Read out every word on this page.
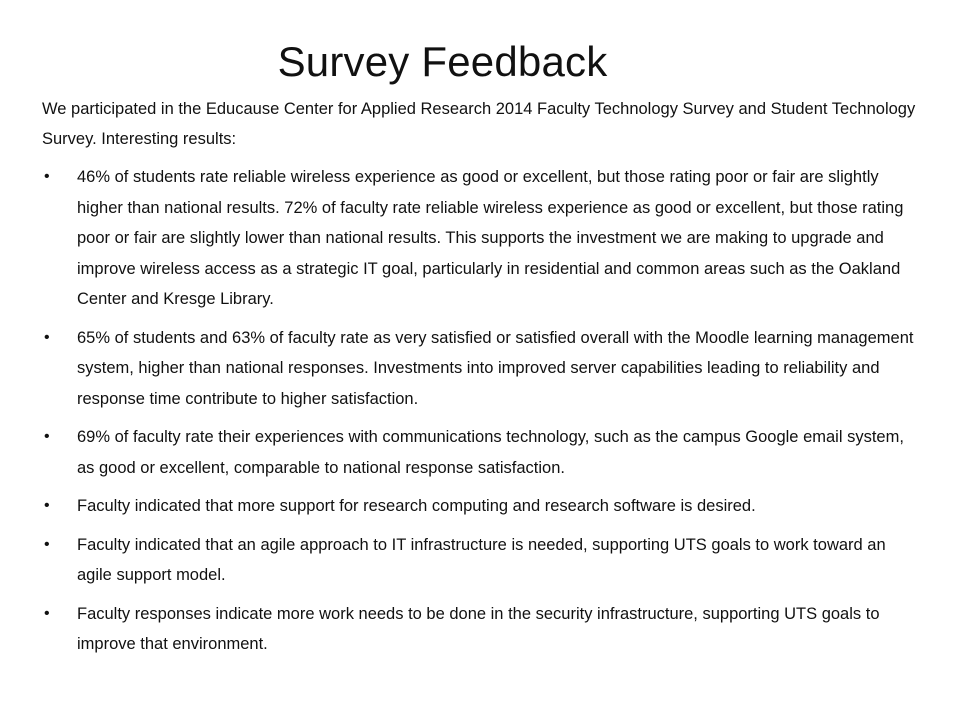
Survey Feedback

We participated in the Educause Center for Applied Research 2014 Faculty Technology Survey and Student Technology Survey. Interesting results:

• 46% of students rate reliable wireless experience as good or excellent, but those rating poor or fair are slightly higher than national results. 72% of faculty rate reliable wireless experience as good or excellent, but those rating poor or fair are slightly lower than national results. This supports the investment we are making to upgrade and improve wireless access as a strategic IT goal, particularly in residential and common areas such as the Oakland Center and Kresge Library.
• 65% of students and 63% of faculty rate as very satisfied or satisfied overall with the Moodle learning management system, higher than national responses. Investments into improved server capabilities leading to reliability and response time contribute to higher satisfaction.
• 69% of faculty rate their experiences with communications technology, such as the campus Google email system, as good or excellent, comparable to national response satisfaction.
• Faculty indicated that more support for research computing and research software is desired.
• Faculty indicated that an agile approach to IT infrastructure is needed, supporting UTS goals to work toward an agile support model.
• Faculty responses indicate more work needs to be done in the security infrastructure, supporting UTS goals to improve that environment.
